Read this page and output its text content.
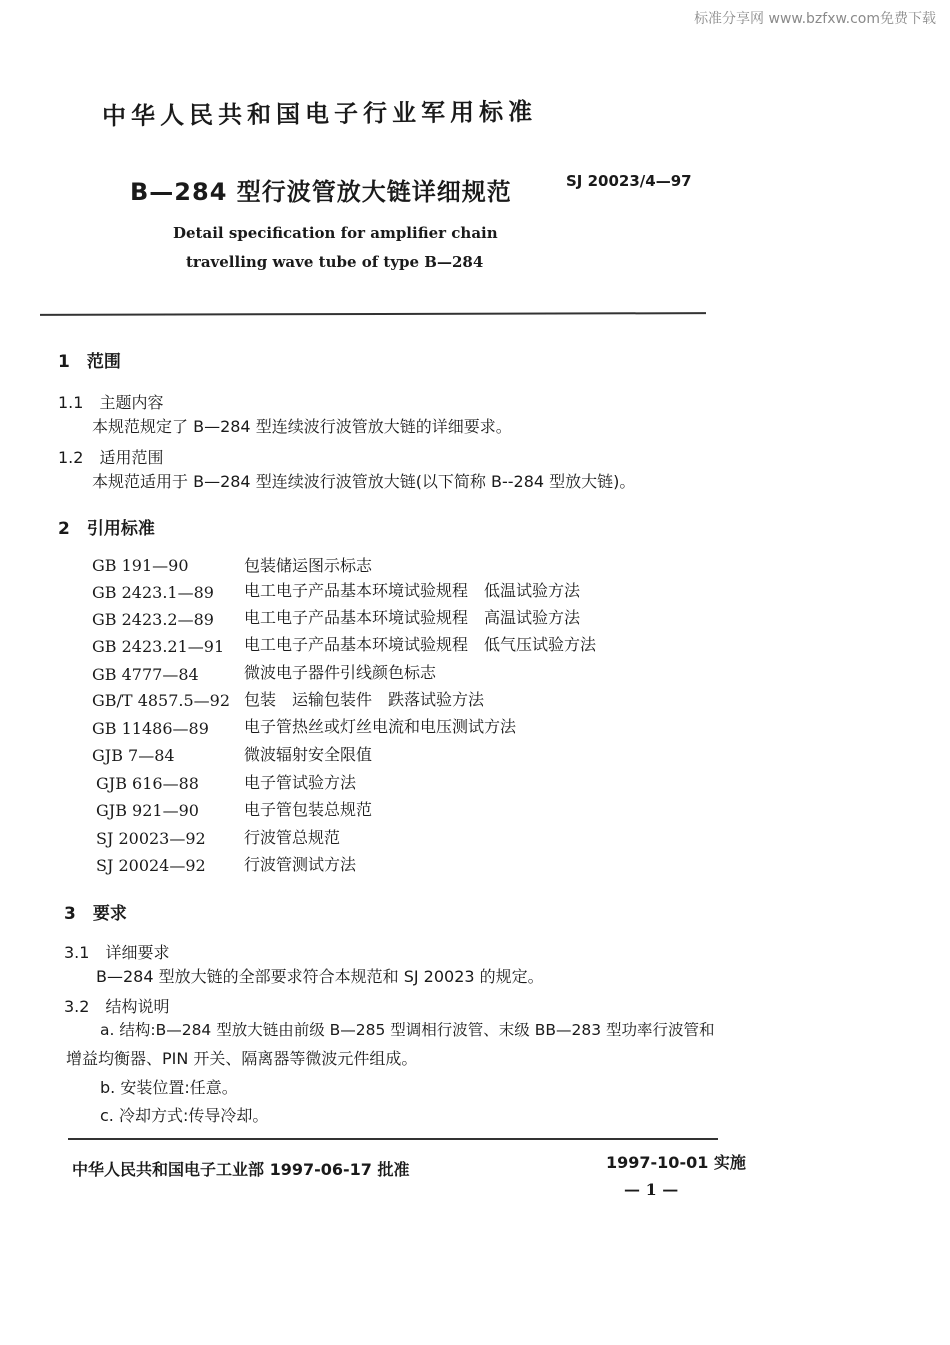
标准分享网 www.bzfxw.com免费下载
中华人民共和国电子行业军用标准
B—284 型行波管放大链详细规范	SJ 20023/4—97
Detail specification for amplifier chain
travelling wave tube of type B—284
1　范围
1.1　主题内容
本规范规定了 B—284 型连续波行波管放大链的详细要求。
1.2　适用范围
本规范适用于 B—284 型连续波行波管放大链(以下简称 B--284 型放大链)。
2　引用标准
GB 191—90	包装储运图示标志
GB 2423.1—89 电工电子产品基本环境试验规程　低温试验方法
GB 2423.2—89 电工电子产品基本环境试验规程　高温试验方法
GB 2423.21—91 电工电子产品基本环境试验规程　低气压试验方法
GB 4777—84	微波电子器件引线颜色标志
GB/T 4857.5—92 包装　运输包装件　跌落试验方法
GB 11486—89 电子管热丝或灯丝电流和电压测试方法
GJB 7—84	微波辐射安全限值
GJB 616—88	电子管试验方法
GJB 921—90	电子管包装总规范
SJ 20023—92 行波管总规范
SJ 20024—92 行波管测试方法
3　要求
3.1　详细要求
B—284 型放大链的全部要求符合本规范和 SJ 20023 的规定。
3.2　结构说明
a. 结构:B—284 型放大链由前级 B—285 型调相行波管、末级 BB—283 型功率行波管和
增益均衡器、PIN 开关、隔离器等微波元件组成。
b. 安装位置:任意。
c. 冷却方式:传导冷却。
中华人民共和国电子工业部 1997-06-17 批准	1997-10-01 实施
— 1 —
